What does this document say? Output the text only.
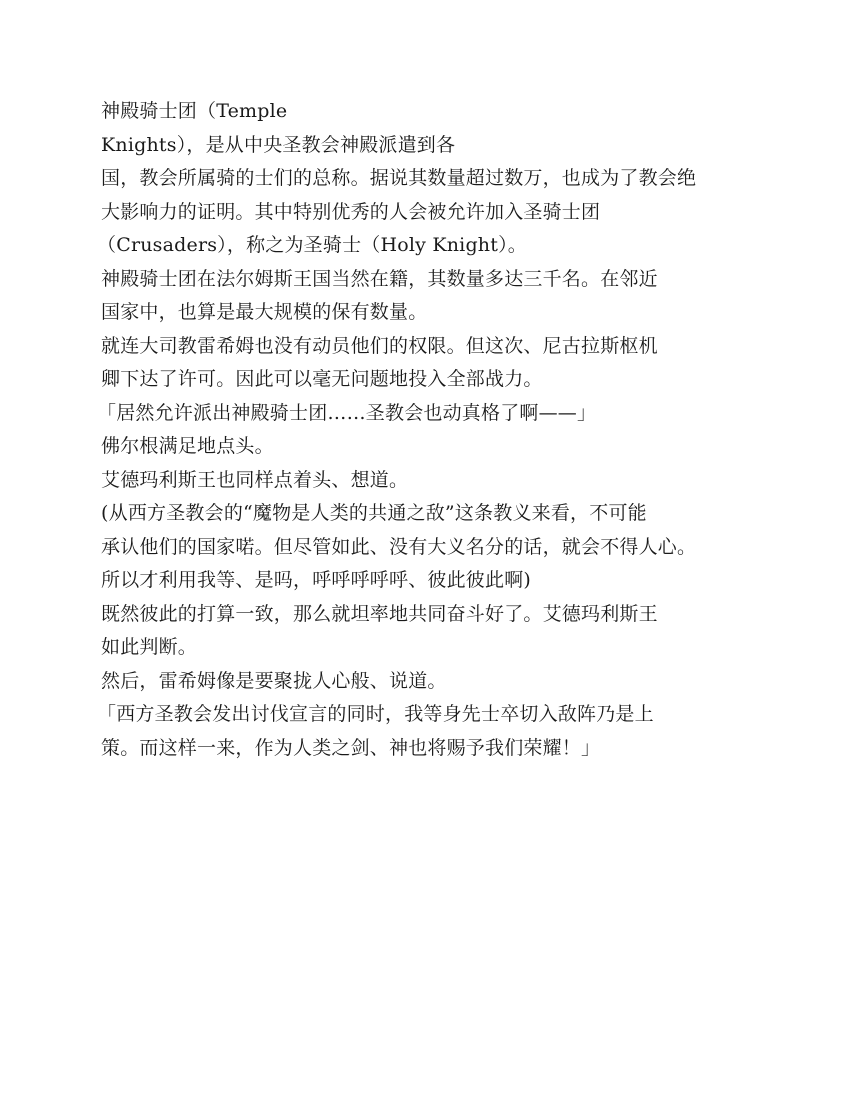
神殿骑士团（Temple
Knights），是从中央圣教会神殿派遣到各
国，教会所属骑的士们的总称。据说其数量超过数万，也成为了教会绝
大影响力的证明。其中特别优秀的人会被允许加入圣骑士团
（Crusaders），称之为圣骑士（Holy Knight）。
神殿骑士团在法尔姆斯王国当然在籍，其数量多达三千名。在邻近
国家中，也算是最大规模的保有数量。
就连大司教雷希姆也没有动员他们的权限。但这次、尼古拉斯枢机
卿下达了许可。因此可以毫无问题地投入全部战力。
「居然允许派出神殿骑士团……圣教会也动真格了啊——」
佛尔根满足地点头。
艾德玛利斯王也同样点着头、想道。
(从西方圣教会的“魔物是人类的共通之敌”这条教义来看，不可能
承认他们的国家喏。但尽管如此、没有大义名分的话，就会不得人心。
所以才利用我等、是吗，呼呼呼呼呼、彼此彼此啊)
既然彼此的打算一致，那么就坦率地共同奋斗好了。艾德玛利斯王
如此判断。
然后，雷希姆像是要聚拢人心般、说道。
「西方圣教会发出讨伐宣言的同时，我等身先士卒切入敌阵乃是上
策。而这样一来，作为人类之剑、神也将赐予我们荣耀！」
